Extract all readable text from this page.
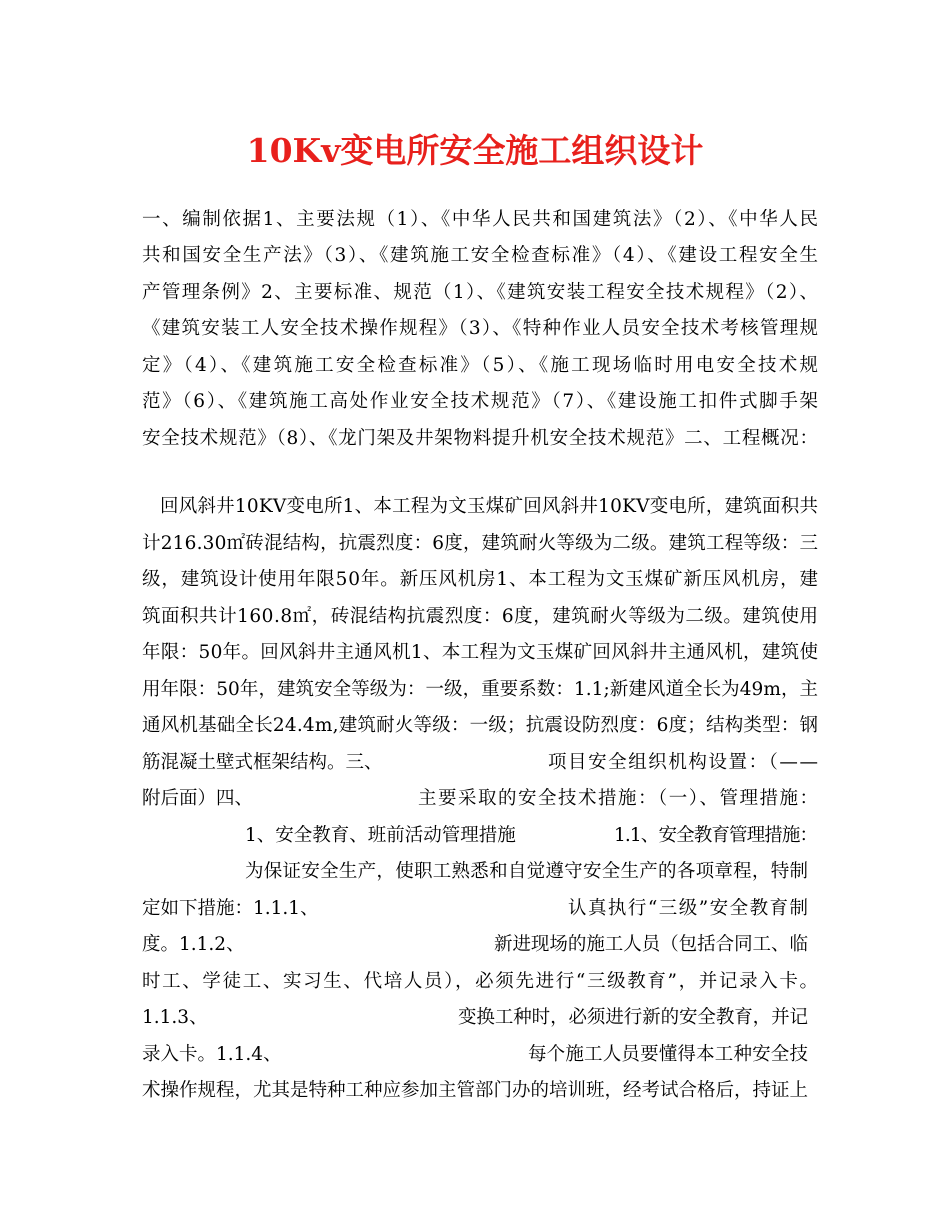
10Kv变电所安全施工组织设计
一、编制依据1、主要法规（1）、《中华人民共和国建筑法》（2）、《中华人民
共和国安全生产法》（3）、《建筑施工安全检查标准》（4）、《建设工程安全生
产管理条例》2、主要标准、规范（1）、《建筑安装工程安全技术规程》（2）、
《建筑安装工人安全技术操作规程》（3）、《特种作业人员安全技术考核管理规
定》（4）、《建筑施工安全检查标准》（5）、《施工现场临时用电安全技术规
范》（6）、《建筑施工高处作业安全技术规范》（7）、《建设施工扣件式脚手架
安全技术规范》（8）、《龙门架及井架物料提升机安全技术规范》二、工程概况：
回风斜井10KV变电所1、本工程为文玉煤矿回风斜井10KV变电所，建筑面积共
计216.30㎡砖混结构，抗震烈度：6度，建筑耐火等级为二级。建筑工程等级：三
级，建筑设计使用年限50年。新压风机房1、本工程为文玉煤矿新压风机房，建
筑面积共计160.8㎡，砖混结构抗震烈度：6度，建筑耐火等级为二级。建筑使用
年限：50年。回风斜井主通风机1、本工程为文玉煤矿回风斜井主通风机，建筑使
用年限：50年，建筑安全等级为：一级，重要系数：1.1;新建风道全长为49m，主
通风机基础全长24.4m,建筑耐火等级：一级；抗震设防烈度：6度；结构类型：钢
筋混凝土壁式框架结构。三、	项目安全组织机构设置：（——
附后面）四、	主要采取的安全技术措施：（一）、管理措施：
1、安全教育、班前活动管理措施	1.1、安全教育管理措施：
为保证安全生产，使职工熟悉和自觉遵守安全生产的各项章程，特制
定如下措施：1.1.1、	认真执行“三级”安全教育制
度。1.1.2、	新进现场的施工人员（包括合同工、临
时工、学徒工、实习生、代培人员），必须先进行“三级教育”，并记录入卡。
1.1.3、	变换工种时，必须进行新的安全教育，并记
录入卡。1.1.4、	每个施工人员要懂得本工种安全技
术操作规程，尤其是特种工种应参加主管部门办的培训班，经考试合格后，持证上
